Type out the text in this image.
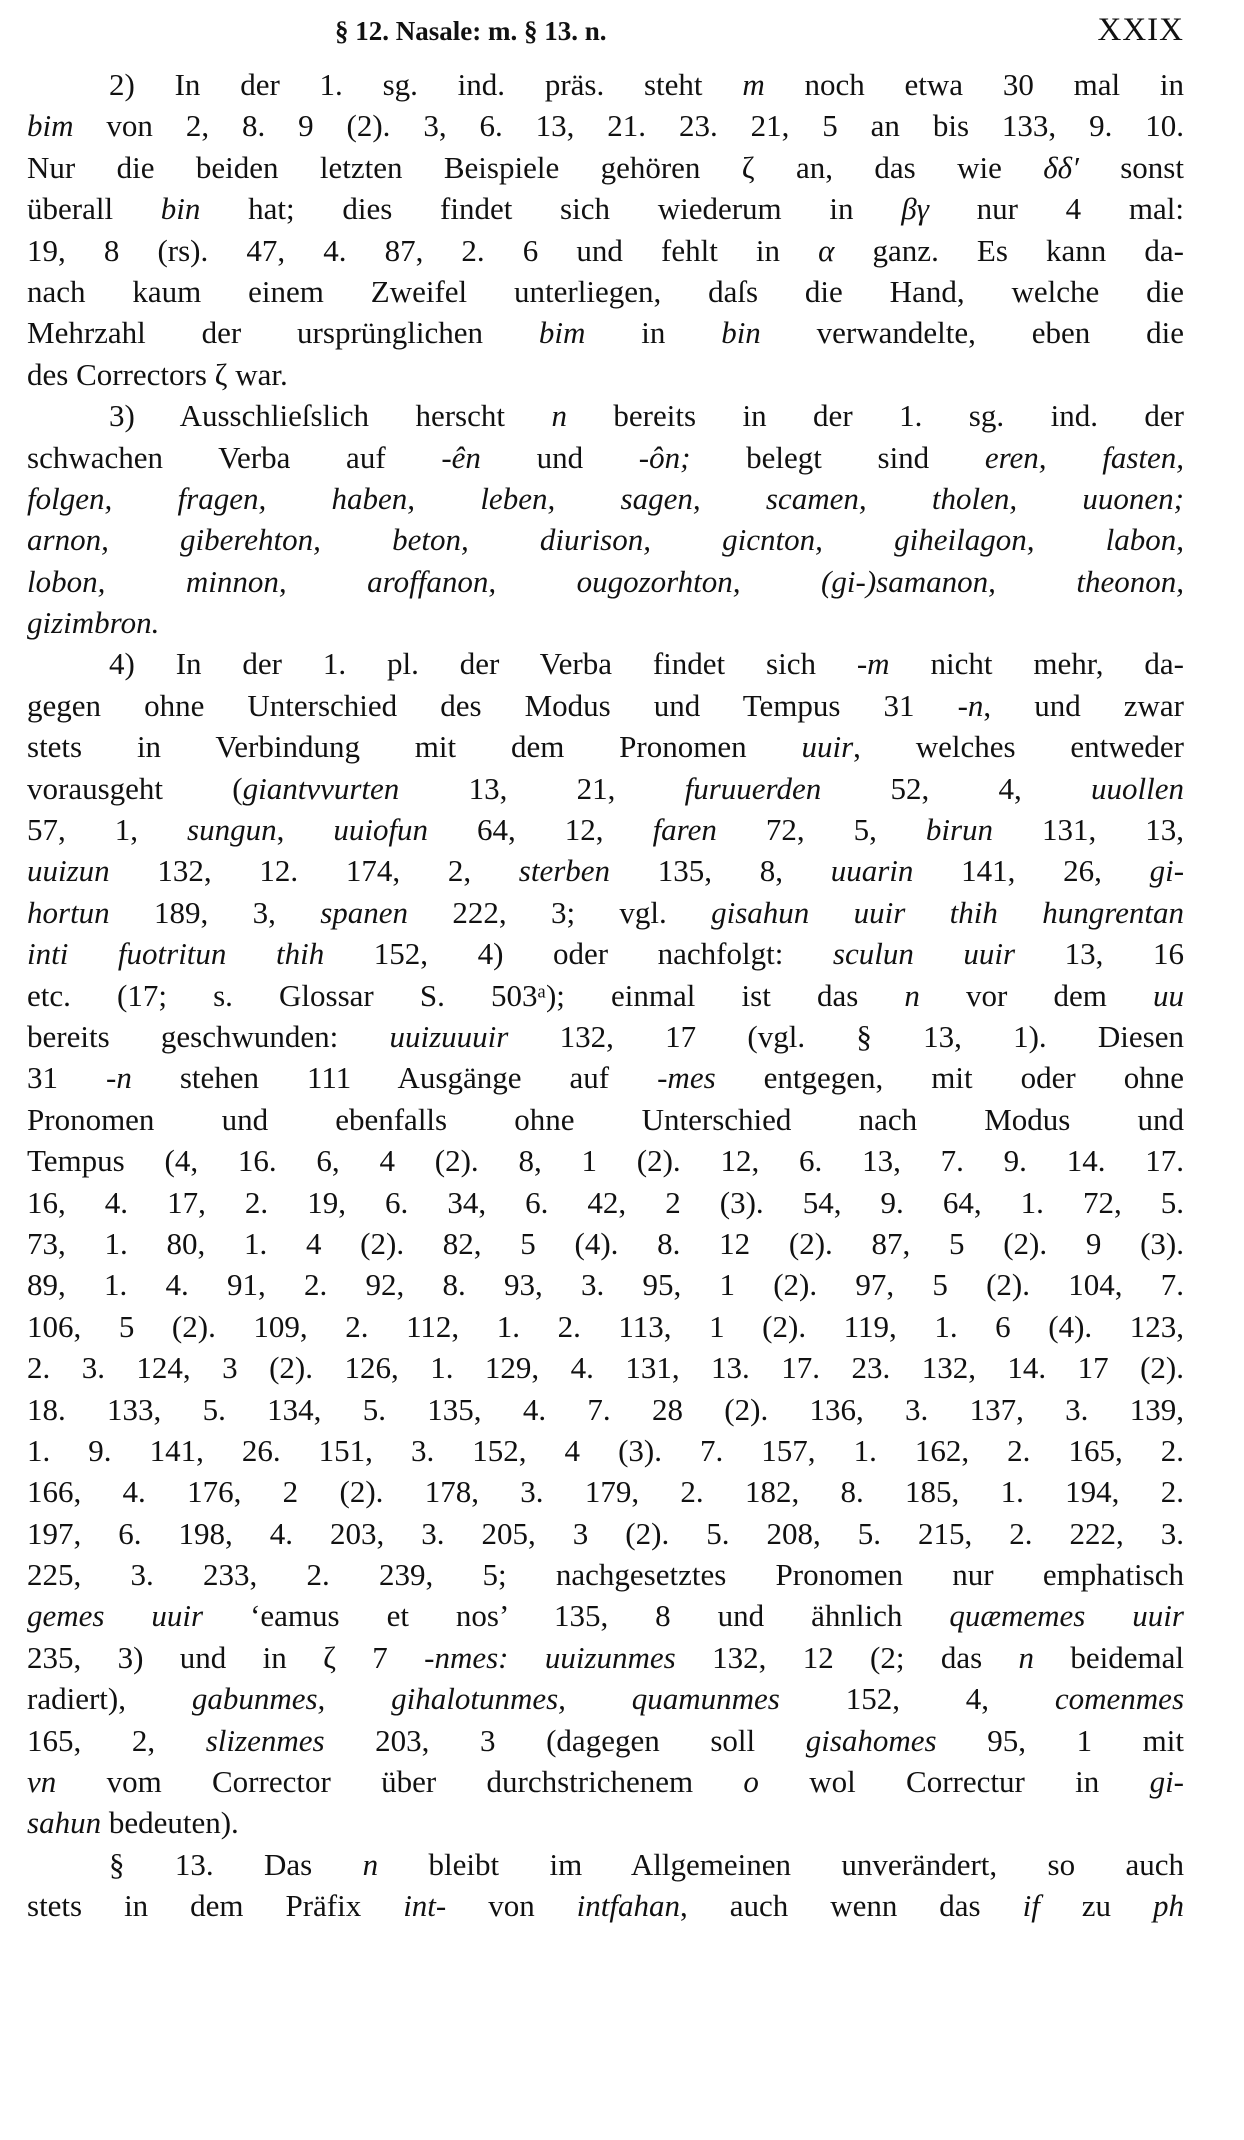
§ 12. Nasale: m. § 13. n.	XXIX
2) In der 1. sg. ind. präs. steht m noch etwa 30 mal in
bim von 2, 8. 9 (2). 3, 6. 13, 21. 23. 21, 5 an bis 133, 9. 10.
Nur die beiden letzten Beispiele gehören ζ an, das wie δδ′ sonst
überall bin hat; dies findet sich wiederum in βγ nur 4 mal:
19, 8 (rs). 47, 4. 87, 2. 6 und fehlt in α ganz. Es kann da-
nach kaum einem Zweifel unterliegen, daſs die Hand, welche die
Mehrzahl der ursprünglichen bim in bin verwandelte, eben die
des Correctors ζ war.
3) Ausschlieſslich herscht n bereits in der 1. sg. ind. der
schwachen Verba auf -ên und -ôn; belegt sind eren, fasten,
folgen, fragen, haben, leben, sagen, scamen, tholen, uuonen;
arnon, giberehton, beton, diurison, gicnton, giheilagon, labon,
lobon, minnon, aroffanon, ougozorhton, (gi-)samanon, theonon,
gizimbron.
4) In der 1. pl. der Verba findet sich -m nicht mehr, da-
gegen ohne Unterschied des Modus und Tempus 31 -n, und zwar
stets in Verbindung mit dem Pronomen uuir, welches entweder
vorausgeht (giantvvurten 13, 21, furuuerden 52, 4, uuollen
57, 1, sungun, uuiofun 64, 12, faren 72, 5, birun 131, 13,
uuizun 132, 12. 174, 2, sterben 135, 8, uuarin 141, 26, gi-
hortun 189, 3, spanen 222, 3; vgl. gisahun uuir thih hungrentan
inti fuotritun thih 152, 4) oder nachfolgt: sculun uuir 13, 16
etc. (17; s. Glossar S. 503ᵃ); einmal ist das n vor dem uu
bereits geschwunden: uuizuuuir 132, 17 (vgl. § 13, 1). Diesen
31 -n stehen 111 Ausgänge auf -mes entgegen, mit oder ohne
Pronomen und ebenfalls ohne Unterschied nach Modus und
Tempus (4, 16. 6, 4 (2). 8, 1 (2). 12, 6. 13, 7. 9. 14. 17.
16, 4. 17, 2. 19, 6. 34, 6. 42, 2 (3). 54, 9. 64, 1. 72, 5.
73, 1. 80, 1. 4 (2). 82, 5 (4). 8. 12 (2). 87, 5 (2). 9 (3).
89, 1. 4. 91, 2. 92, 8. 93, 3. 95, 1 (2). 97, 5 (2). 104, 7.
106, 5 (2). 109, 2. 112, 1. 2. 113, 1 (2). 119, 1. 6 (4). 123,
2. 3. 124, 3 (2). 126, 1. 129, 4. 131, 13. 17. 23. 132, 14. 17 (2).
18. 133, 5. 134, 5. 135, 4. 7. 28 (2). 136, 3. 137, 3. 139,
1. 9. 141, 26. 151, 3. 152, 4 (3). 7. 157, 1. 162, 2. 165, 2.
166, 4. 176, 2 (2). 178, 3. 179, 2. 182, 8. 185, 1. 194, 2.
197, 6. 198, 4. 203, 3. 205, 3 (2). 5. 208, 5. 215, 2. 222, 3.
225, 3. 233, 2. 239, 5; nachgesetztes Pronomen nur emphatisch
gemes uuir ‘eamus et nos’ 135, 8 und ähnlich quæmemes uuir
235, 3) und in ζ 7 -nmes: uuizunmes 132, 12 (2; das n beidemal
radiert), gabunmes, gihalotunmes, quamunmes 152, 4, comenmes
165, 2, slizenmes 203, 3 (dagegen soll gisahomes 95, 1 mit
vn vom Corrector über durchstrichenem o wol Correctur in gi-
sahun bedeuten).
§ 13. Das n bleibt im Allgemeinen unverändert, so auch
stets in dem Präfix int- von intfahan, auch wenn das if zu ph
